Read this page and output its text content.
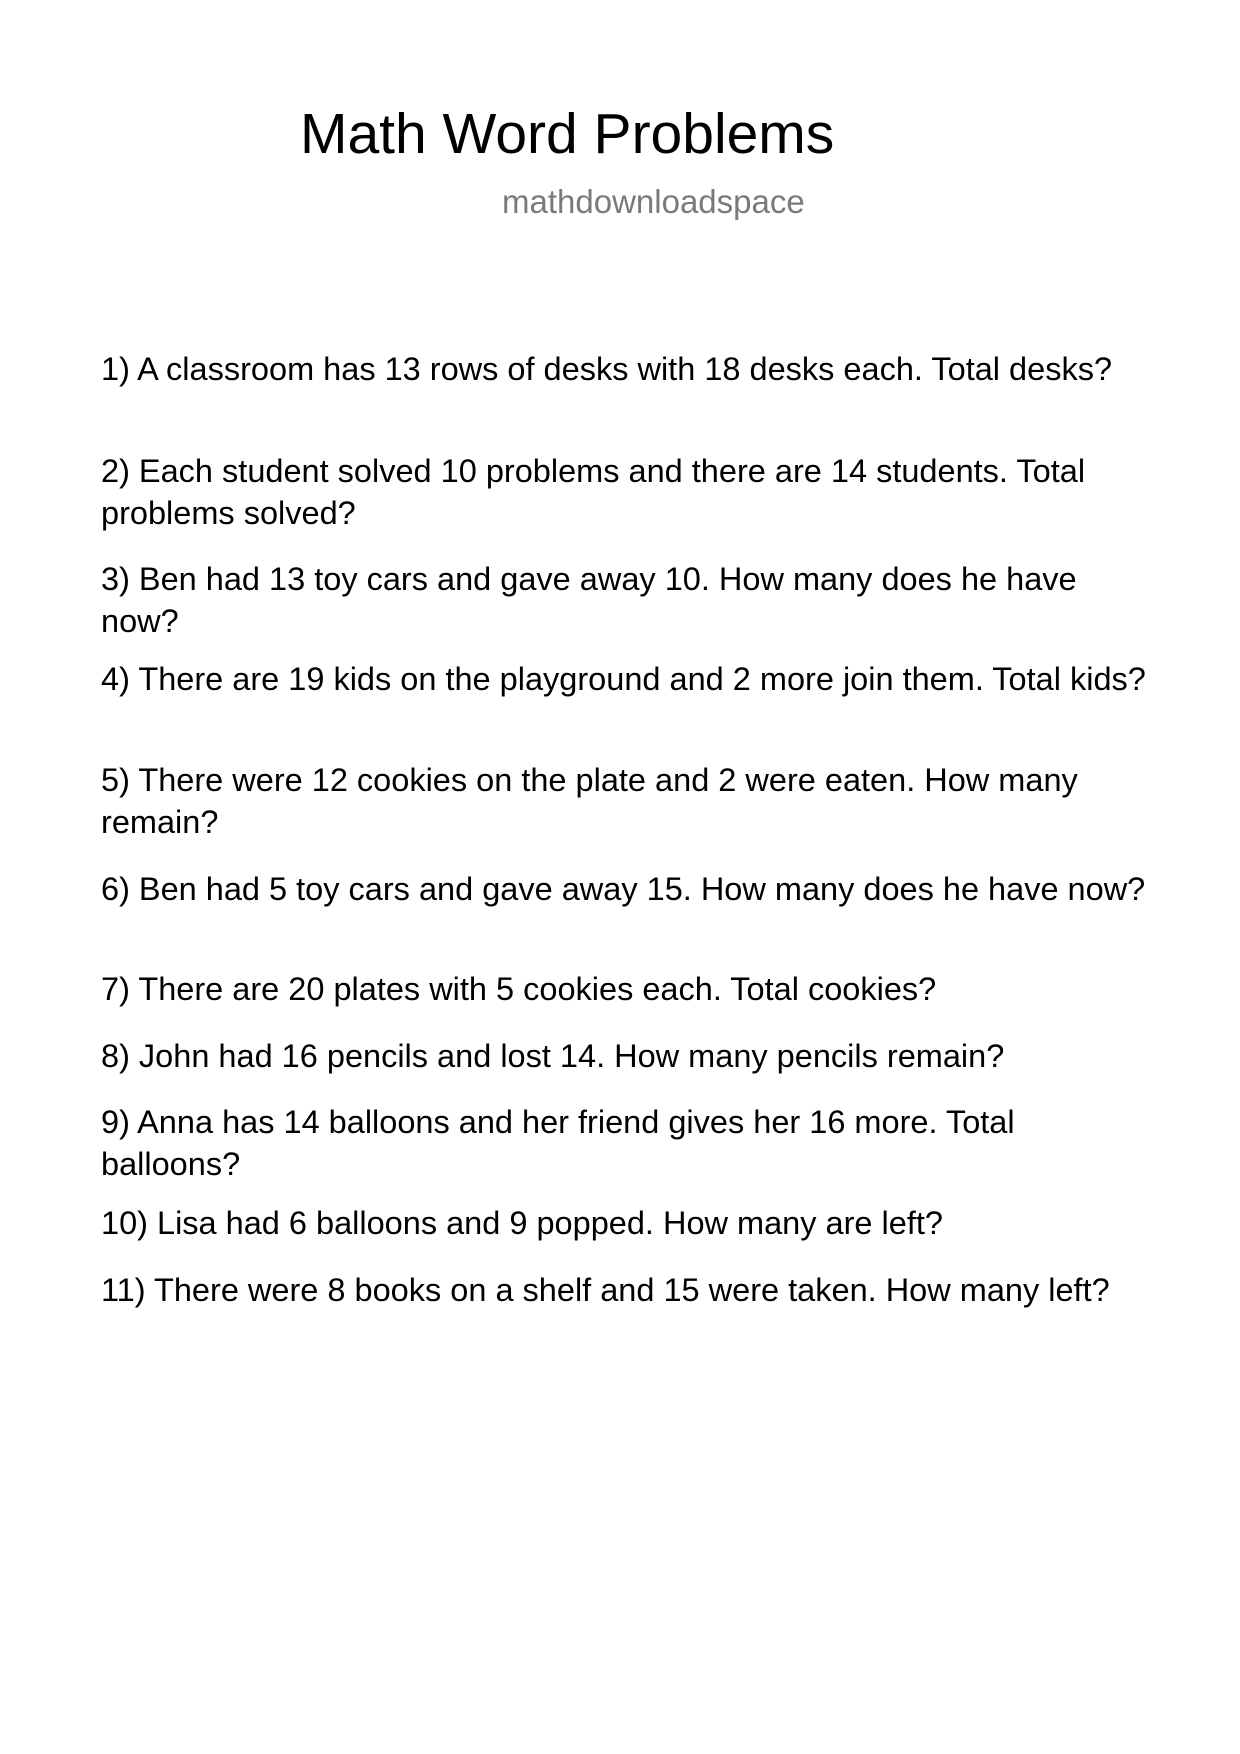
Math Word Problems
mathdownloadspace

1) A classroom has 13 rows of desks with 18 desks each. Total desks?

2) Each student solved 10 problems and there are 14 students. Total problems solved?

3) Ben had 13 toy cars and gave away 10. How many does he have now?

4) There are 19 kids on the playground and 2 more join them. Total kids?

5) There were 12 cookies on the plate and 2 were eaten. How many remain?

6) Ben had 5 toy cars and gave away 15. How many does he have now?

7) There are 20 plates with 5 cookies each. Total cookies?

8) John had 16 pencils and lost 14. How many pencils remain?

9) Anna has 14 balloons and her friend gives her 16 more. Total balloons?

10) Lisa had 6 balloons and 9 popped. How many are left?

11) There were 8 books on a shelf and 15 were taken. How many left?
